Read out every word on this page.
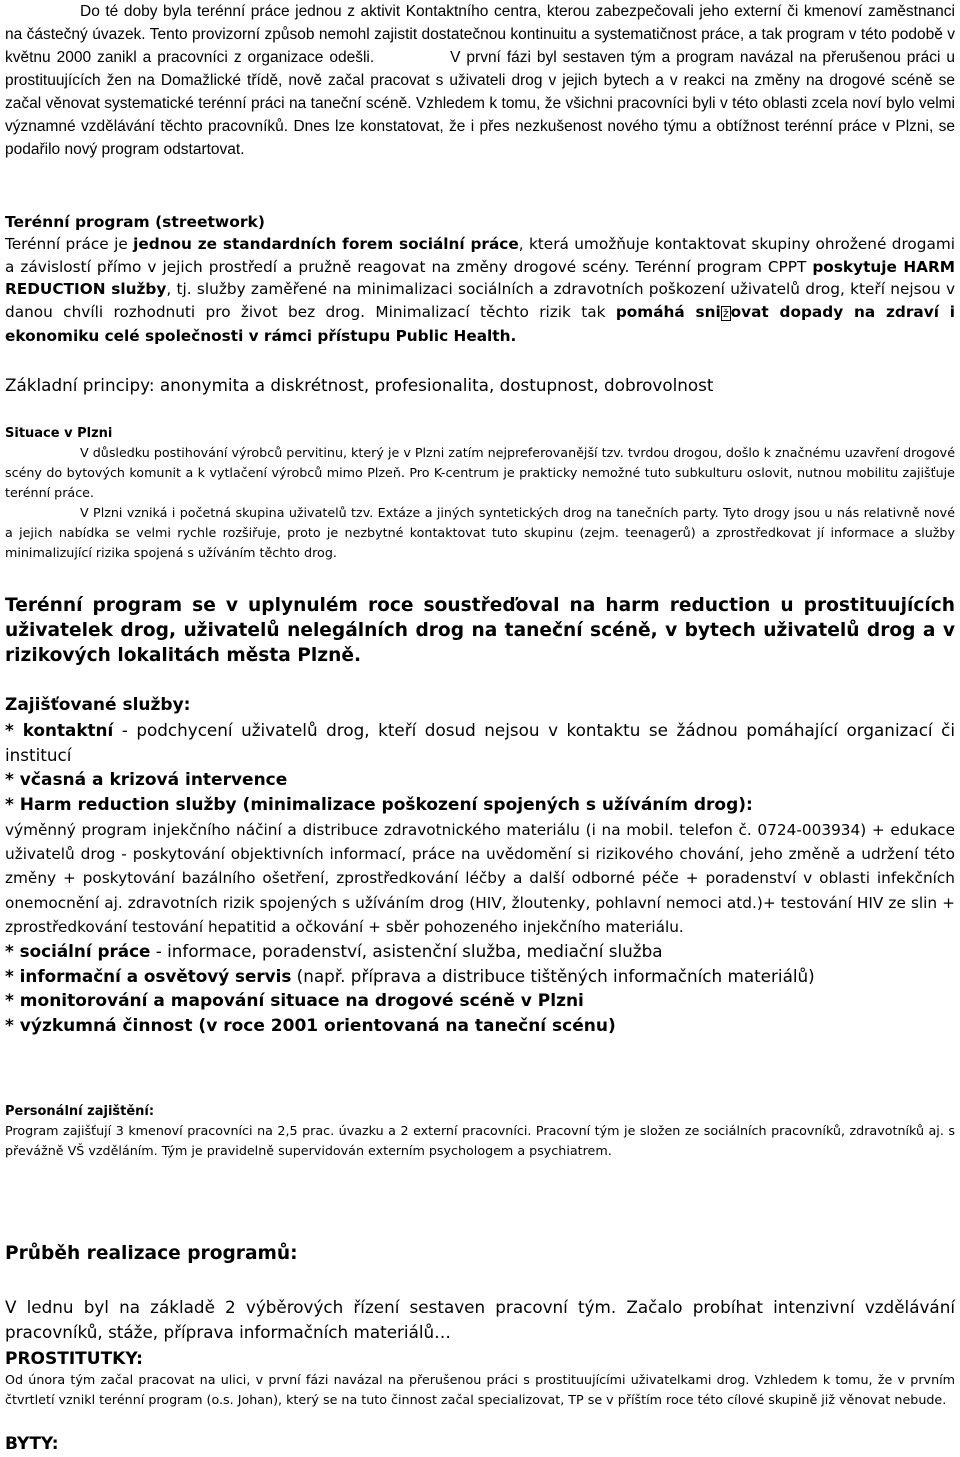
Do té doby byla terénní práce jednou z aktivit Kontaktního centra, kterou zabezpečovali jeho externí či kmenoví zaměstnanci na částečný úvazek. Tento provizorní způsob nemohl zajistit dostatečnou kontinuitu a systematičnost práce, a tak program v této podobě v květnu 2000 zanikl a pracovníci z organizace odešli.	V první fázi byl sestaven tým a program navázal na přerušenou práci u prostituujících žen na Domažlické třídě, nově začal pracovat s uživateli drog v jejich bytech a v reakci na změny na drogové scéně se začal věnovat systematické terénní práci na taneční scéně. Vzhledem k tomu, že všichni pracovníci byli v této oblasti zcela noví bylo velmi významné vzdělávání těchto pracovníků. Dnes lze konstatovat, že i přes nezkušenost nového týmu a obtížnost terénní práce v Plzni, se podařilo nový program odstartovat.

Terénní program (streetwork)

Terénní práce je jednou ze standardních forem sociální práce, která umožňuje kontaktovat skupiny ohrožené drogami a závislostí přímo v jejich prostředí a pružně reagovat na změny drogové scény. Terénní program CPPT poskytuje HARM REDUCTION služby, tj. služby zaměřené na minimalizaci sociálních a zdravotních poškození uživatelů drog, kteří nejsou v danou chvíli rozhodnuti pro život bez drog. Minimalizací těchto rizik tak pomáhá sni ž ovat dopady na zdraví i ekonomiku celé společnosti v rámci přístupu Public Health.

Základní principy: anonymita a diskrétnost, profesionalita, dostupnost, dobrovolnost
Situace v Plzni

V důsledku postihování výrobců pervitinu, který je v Plzni zatím nejpreferovanější tzv. tvrdou drogou, došlo k značnému uzavření drogové scény do bytových komunit a k vytlačení výrobců mimo Plzeň. Pro K-centrum je prakticky nemožné tuto subkulturu oslovit, nutnou mobilitu zajišťuje terénní práce.

V Plzni vzniká i početná skupina uživatelů tzv. Extáze a jiných syntetických drog na tanečních party. Tyto drogy jsou u nás relativně nové a jejich nabídka se velmi rychle rozšiřuje, proto je nezbytné kontaktovat tuto skupinu (zejm. teenagerů) a zprostředkovat jí informace a služby minimalizující rizika spojená s užíváním těchto drog.

Terénní program se v uplynulém roce soustřeďoval na harm reduction u prostituujících uživatelek drog, uživatelů nelegálních drog na taneční scéně, v bytech uživatelů drog a v rizikových lokalitách města Plzně.

Zajišťované služby:

* kontaktní - podchycení uživatelů drog, kteří dosud nejsou v kontaktu se žádnou pomáhající organizací či institucí

* včasná a krizová intervence
* Harm reduction služby (minimalizace poškození spojených s užíváním drog):

výměnný program injekčního náčiní a distribuce zdravotnického materiálu (i na mobil. telefon č. 0724-003934) + edukace uživatelů drog - poskytování objektivních informací, práce na uvědomění si rizikového chování, jeho změně a udržení této změny + poskytování bazálního ošetření, zprostředkování léčby a další odborné péče + poradenství v oblasti infekčních onemocnění aj. zdravotních rizik spojených s užíváním drog (HIV, žloutenky, pohlavní nemoci atd.)+ testování HIV ze slin + zprostředkování testování hepatitid a očkování + sběr pohozeného injekčního materiálu.

* sociální práce - informace, poradenství, asistenční služba, mediační služba

* informační a osvětový servis (např. příprava a distribuce tištěných informačních materiálů)

* monitorování a mapování situace na drogové scéně v Plzni
* výzkumná činnost (v roce 2001 orientovaná na taneční scénu)
Personální zajištění:

Program zajišťují 3 kmenoví pracovníci na 2,5 prac. úvazku a 2 externí pracovníci. Pracovní tým je složen ze sociálních pracovníků, zdravotníků aj. s převážně VŠ vzděláním. Tým je pravidelně supervidován externím psychologem a psychiatrem.

Průběh realizace programů:

V lednu byl na základě 2 výběrových řízení sestaven pracovní tým. Začalo probíhat intenzivní vzdělávání pracovníků, stáže, příprava informačních materiálů…

PROSTITUTKY:

Od února tým začal pracovat na ulici, v první fázi navázal na přerušenou práci s prostituujícími uživatelkami drog. Vzhledem k tomu, že v prvním čtvrtletí vznikl terénní program (o.s. Johan), který se na tuto činnost začal specializovat, TP se v příštím roce této cílové skupině již věnovat nebude.

BYTY:
